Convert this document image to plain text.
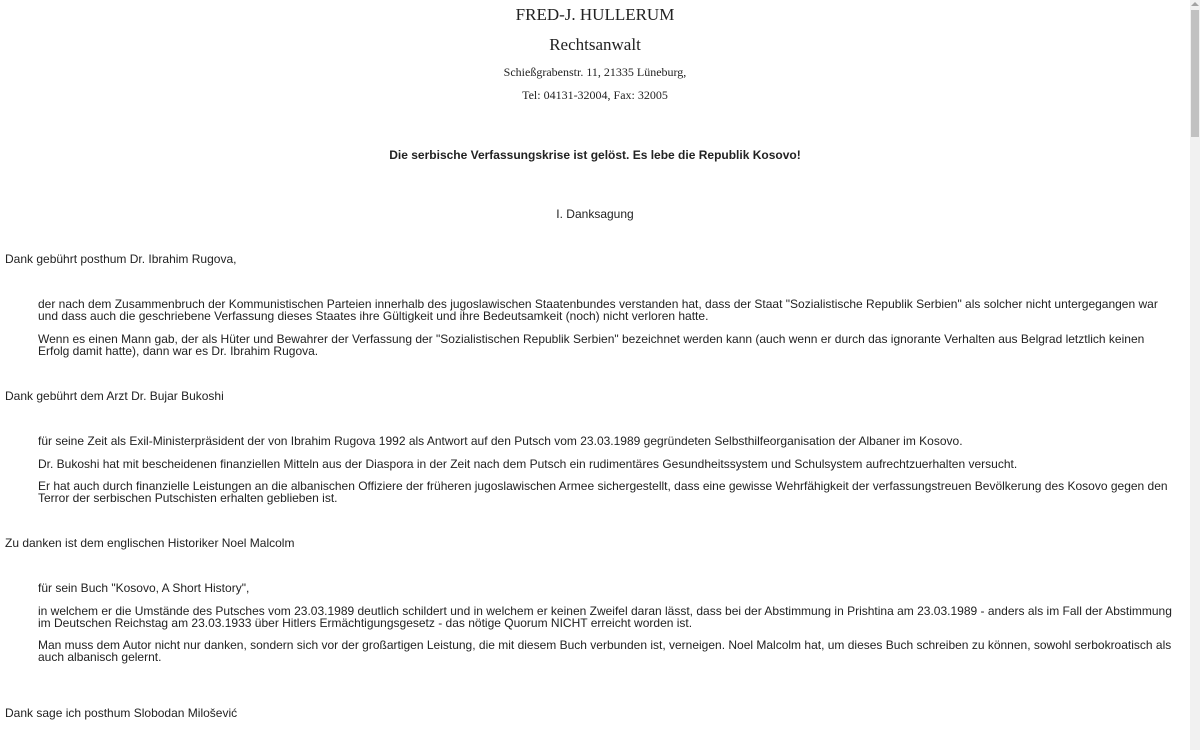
FRED-J. HULLERUM
Rechtsanwalt
Schießgrabenstr. 11, 21335 Lüneburg,
Tel: 04131-32004, Fax: 32005
Die serbische Verfassungskrise ist gelöst. Es lebe die Republik Kosovo!
I. Danksagung
Dank gebührt posthum Dr. Ibrahim Rugova,
der nach dem Zusammenbruch der Kommunistischen Parteien innerhalb des jugoslawischen Staatenbundes verstanden hat, dass der Staat "Sozialistische Republik Serbien" als solcher nicht untergegangen war und dass auch die geschriebene Verfassung dieses Staates ihre Gültigkeit und ihre Bedeutsamkeit (noch) nicht verloren hatte.
Wenn es einen Mann gab, der als Hüter und Bewahrer der Verfassung der "Sozialistischen Republik Serbien" bezeichnet werden kann (auch wenn er durch das ignorante Verhalten aus Belgrad letztlich keinen Erfolg damit hatte), dann war es Dr. Ibrahim Rugova.
Dank gebührt dem Arzt Dr. Bujar Bukoshi
für seine Zeit als Exil-Ministerpräsident der von Ibrahim Rugova 1992 als Antwort auf den Putsch vom 23.03.1989 gegründeten Selbsthilfeorganisation der Albaner im Kosovo.
Dr. Bukoshi hat mit bescheidenen finanziellen Mitteln aus der Diaspora in der Zeit nach dem Putsch ein rudimentäres Gesundheitssystem und Schulsystem aufrechtzuerhalten versucht.
Er hat auch durch finanzielle Leistungen an die albanischen Offiziere der früheren jugoslawischen Armee sichergestellt, dass eine gewisse Wehrfähigkeit der verfassungstreuen Bevölkerung des Kosovo gegen den Terror der serbischen Putschisten erhalten geblieben ist.
Zu danken ist dem englischen Historiker Noel Malcolm
für sein Buch "Kosovo, A Short History",
in welchem er die Umstände des Putsches vom 23.03.1989 deutlich schildert und in welchem er keinen Zweifel daran lässt, dass bei der Abstimmung in Prishtina am 23.03.1989 - anders als im Fall der Abstimmung im Deutschen Reichstag am 23.03.1933 über Hitlers Ermächtigungsgesetz - das nötige Quorum NICHT erreicht worden ist.
Man muss dem Autor nicht nur danken, sondern sich vor der großartigen Leistung, die mit diesem Buch verbunden ist, verneigen. Noel Malcolm hat, um dieses Buch schreiben zu können, sowohl serbokroatisch als auch albanisch gelernt.
Dank sage ich posthum Slobodan Milošević
